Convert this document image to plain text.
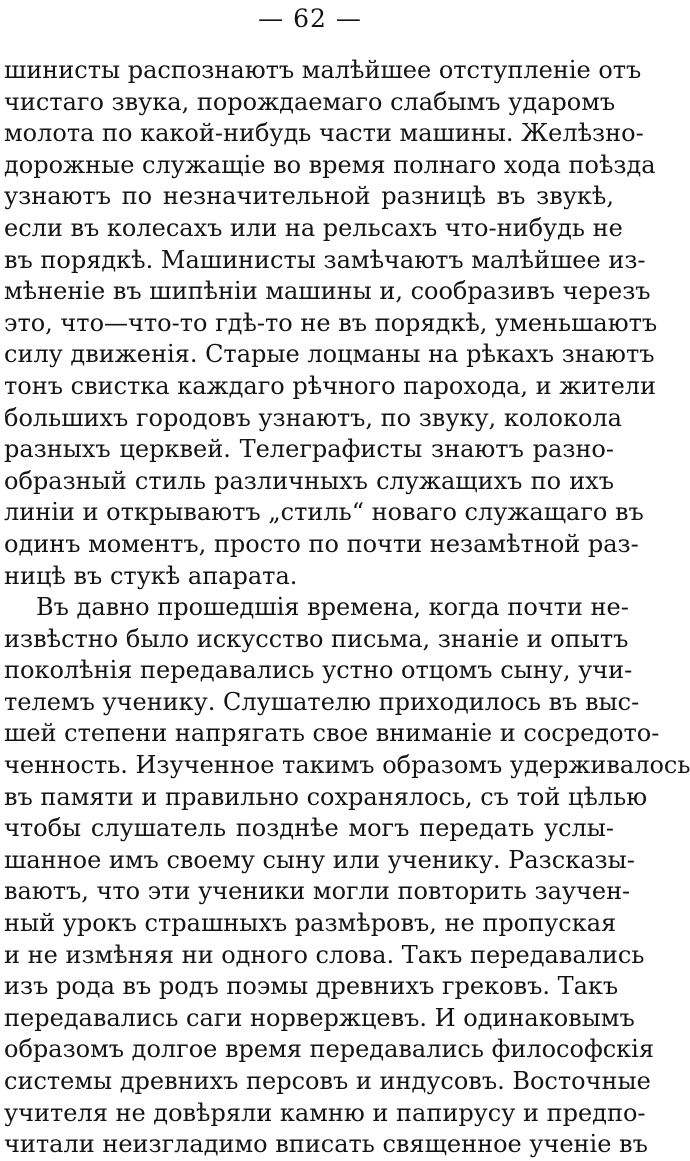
— 62 —
шинисты распознаютъ малѣйшее отступленіе отъ
чистаго звука, порождаемаго слабымъ ударомъ
молота по какой-нибудь части машины. Желѣзно-
дорожные служащіе во время полнаго хода поѣзда
узнаютъ по незначительной разницѣ въ звукѣ,
если въ колесахъ или на рельсахъ что-нибудь не
въ порядкѣ. Машинисты замѣчаютъ малѣйшее из-
мѣненіе въ шипѣніи машины и, сообразивъ черезъ
это, что—что-то гдѣ-то не въ порядкѣ, уменьшаютъ
силу движенія. Старые лоцманы на рѣкахъ знаютъ
тонъ свистка каждаго рѣчного парохода, и жители
большихъ городовъ узнаютъ, по звуку, колокола
разныхъ церквей. Телеграфисты знаютъ разно-
образный стиль различныхъ служащихъ по ихъ
линіи и открываютъ „стиль“ новаго служащаго въ
одинъ моментъ, просто по почти незамѣтной раз-
ницѣ въ стукѣ апарата.
Въ давно прошедшія времена, когда почти не-
извѣстно было искусство письма, знаніе и опытъ
поколѣнія передавались устно отцомъ сыну, учи-
телемъ ученику. Слушателю приходилось въ выс-
шей степени напрягать свое вниманіе и сосредото-
ченность. Изученное такимъ образомъ удерживалось
въ памяти и правильно сохранялось, съ той цѣлью
чтобы слушатель позднѣе могъ передать услы-
шанное имъ своему сыну или ученику. Разсказы-
ваютъ, что эти ученики могли повторить заучен-
ный урокъ страшныхъ размѣровъ, не пропуская
и не измѣняя ни одного слова. Такъ передавались
изъ рода въ родъ поэмы древнихъ грековъ. Такъ
передавались саги норвержцевъ. И одинаковымъ
образомъ долгое время передавались философскія
системы древнихъ персовъ и индусовъ. Восточные
учителя не довѣряли камню и папирусу и предпо-
читали неизгладимо вписать священное ученіе въ
